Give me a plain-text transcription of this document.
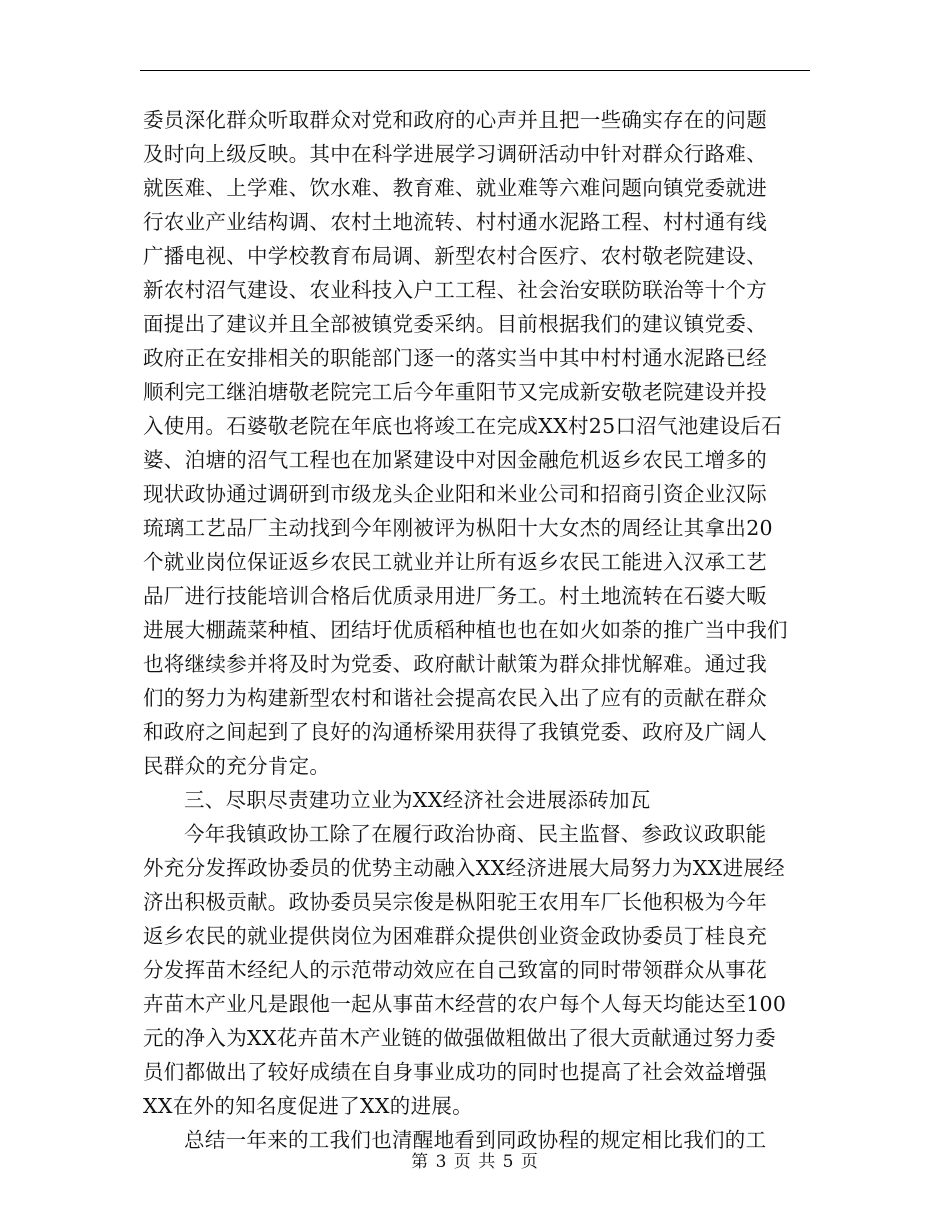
委员深化群众听取群众对党和政府的心声并且把一些确实存在的问题
及时向上级反映。其中在科学进展学习调研活动中针对群众行路难、
就医难、上学难、饮水难、教育难、就业难等六难问题向镇党委就进
行农业产业结构调、农村土地流转、村村通水泥路工程、村村通有线
广播电视、中学校教育布局调、新型农村合医疗、农村敬老院建设、
新农村沼气建设、农业科技入户工工程、社会治安联防联治等十个方
面提出了建议并且全部被镇党委采纳。目前根据我们的建议镇党委、
政府正在安排相关的职能部门逐一的落实当中其中村村通水泥路已经
顺利完工继泊塘敬老院完工后今年重阳节又完成新安敬老院建设并投
入使用。石婆敬老院在年底也将竣工在完成XX村25口沼气池建设后石
婆、泊塘的沼气工程也在加紧建设中对因金融危机返乡农民工增多的
现状政协通过调研到市级龙头企业阳和米业公司和招商引资企业汉际
琉璃工艺品厂主动找到今年刚被评为枞阳十大女杰的周经让其拿出20
个就业岗位保证返乡农民工就业并让所有返乡农民工能进入汉承工艺
品厂进行技能培训合格后优质录用进厂务工。村土地流转在石婆大畈
进展大棚蔬菜种植、团结圩优质稻种植也也在如火如荼的推广当中我们
也将继续参并将及时为党委、政府献计献策为群众排忧解难。通过我
们的努力为构建新型农村和谐社会提高农民入出了应有的贡献在群众
和政府之间起到了良好的沟通桥梁用获得了我镇党委、政府及广阔人
民群众的充分肯定。
三、尽职尽责建功立业为XX经济社会进展添砖加瓦
今年我镇政协工除了在履行政治协商、民主监督、参政议政职能
外充分发挥政协委员的优势主动融入XX经济进展大局努力为XX进展经
济出积极贡献。政协委员吴宗俊是枞阳驼王农用车厂长他积极为今年
返乡农民的就业提供岗位为困难群众提供创业资金政协委员丁桂良充
分发挥苗木经纪人的示范带动效应在自己致富的同时带领群众从事花
卉苗木产业凡是跟他一起从事苗木经营的农户每个人每天均能达至100
元的净入为XX花卉苗木产业链的做强做粗做出了很大贡献通过努力委
员们都做出了较好成绩在自身事业成功的同时也提高了社会效益增强
XX在外的知名度促进了XX的进展。
总结一年来的工我们也清醒地看到同政协程的规定相比我们的工
第 3 页 共 5 页
